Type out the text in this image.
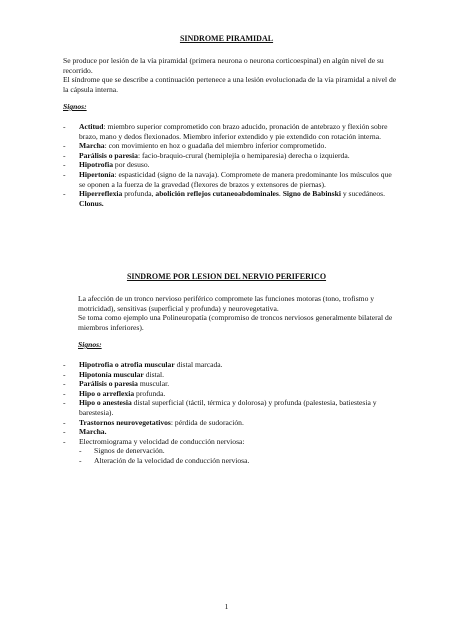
SINDROME PIRAMIDAL

Se produce por lesión de la vía piramidal (primera neurona o neurona corticoespinal) en algún nivel de su recorrido.

El síndrome que se describe a continuación pertenece a una lesión evolucionada de la vía piramidal a nivel de la cápsula interna.

Signos:

- Actitud: miembro superior comprometido con brazo aducido, pronación de antebrazo y flexión sobre brazo, mano y dedos flexionados. Miembro inferior extendido y pie extendido con rotación interna.
- Marcha: con movimiento en hoz o guadaña del miembro inferior comprometido.
- Parálisis o paresia: facio-braquio-crural (hemiplejía o hemiparesia) derecha o izquierda.
- Hipotrofia por desuso.
- Hipertonía: espasticidad (signo de la navaja). Compromete de manera predominante los músculos que se oponen a la fuerza de la gravedad (flexores de brazos y extensores de piernas).
- Hiperreflexia profunda, abolición reflejos cutaneoabdominales. Signo de Babinski y sucedáneos. Clonus.
SINDROME POR LESION DEL NERVIO PERIFERICO

La afección de un tronco nervioso periférico compromete las funciones motoras (tono, trofismo y motricidad), sensitivas (superficial y profunda) y neurovegetativa.

Se toma como ejemplo una Polineuropatía (compromiso de troncos nerviosos generalmente bilateral de miembros inferiores).

Signos:

- Hipotrofia o atrofia muscular distal marcada.
- Hipotonía muscular distal.
- Parálisis o paresia muscular.
- Hipo o arreflexia profunda.
- Hipo o anestesia distal superficial (táctil, térmica y dolorosa) y profunda (palestesia, batiestesia y barestesia).
- Trastornos neurovegetativos: pérdida de sudoración.
- Marcha.
- Electromiograma y velocidad de conducción nerviosa:
- Signos de denervación.
- Alteración de la velocidad de conducción nerviosa.
1
